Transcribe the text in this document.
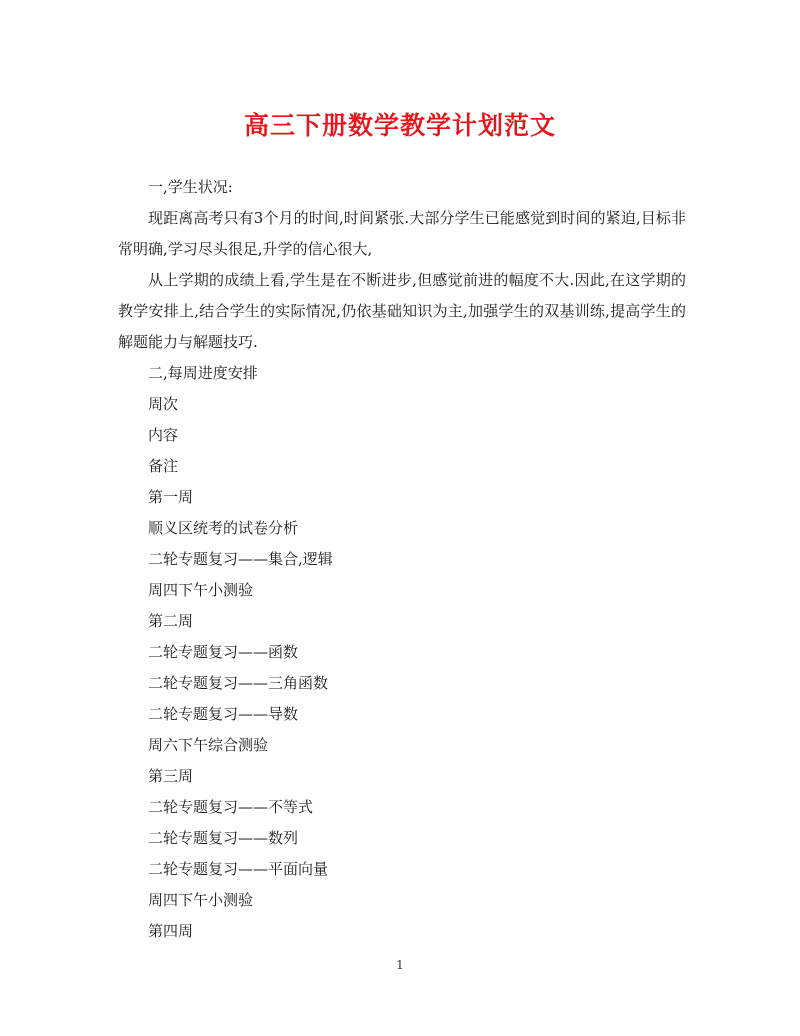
高三下册数学教学计划范文

一,学生状况:

现距离高考只有3个月的时间,时间紧张.大部分学生已能感觉到时间的紧迫,目标非常明确,学习尽头很足,升学的信心很大,

从上学期的成绩上看,学生是在不断进步,但感觉前进的幅度不大.因此,在这学期的教学安排上,结合学生的实际情况,仍依基础知识为主,加强学生的双基训练,提高学生的解题能力与解题技巧.

二,每周进度安排

周次

内容

备注

第一周

顺义区统考的试卷分析

二轮专题复习——集合,逻辑

周四下午小测验

第二周

二轮专题复习——函数

二轮专题复习——三角函数

二轮专题复习——导数

周六下午综合测验

第三周

二轮专题复习——不等式

二轮专题复习——数列

二轮专题复习——平面向量

周四下午小测验

第四周

1
